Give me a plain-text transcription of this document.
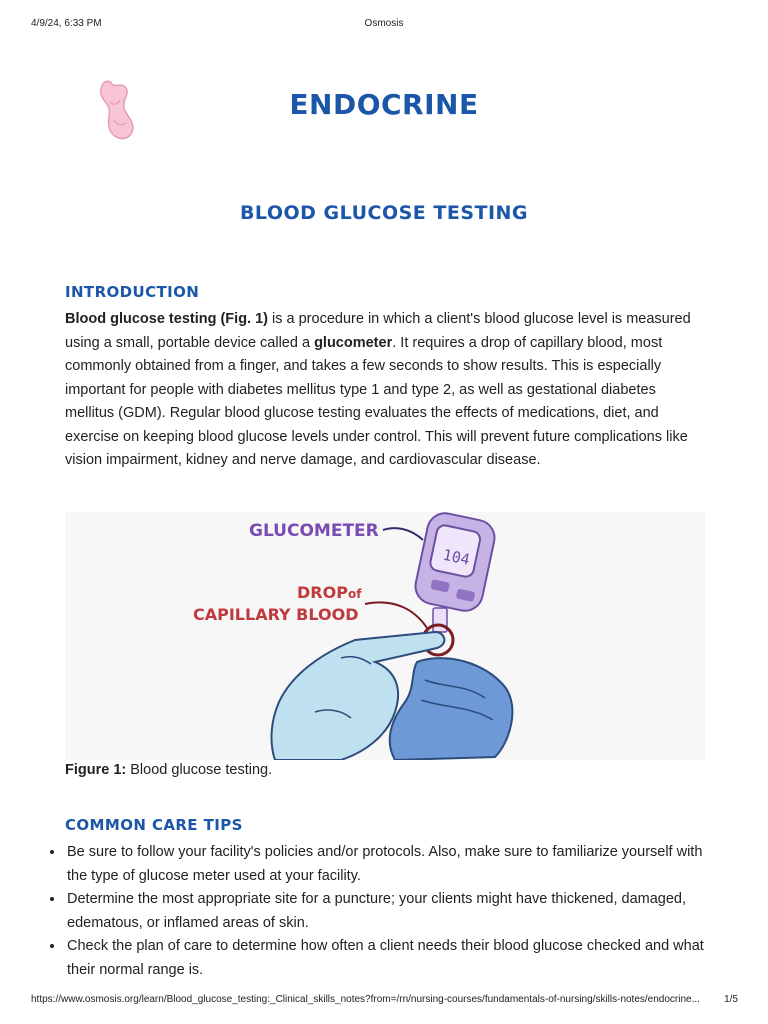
4/9/24, 6:33 PM	Osmosis
ENDOCRINE
BLOOD GLUCOSE TESTING
INTRODUCTION
Blood glucose testing (Fig. 1) is a procedure in which a client's blood glucose level is measured using a small, portable device called a glucometer. It requires a drop of capillary blood, most commonly obtained from a finger, and takes a few seconds to show results. This is especially important for people with diabetes mellitus type 1 and type 2, as well as gestational diabetes mellitus (GDM). Regular blood glucose testing evaluates the effects of medications, diet, and exercise on keeping blood glucose levels under control. This will prevent future complications like vision impairment, kidney and nerve damage, and cardiovascular disease.
GLUCOMETER
DROP of
CAPILLARY BLOOD
104
Figure 1: Blood glucose testing.
COMMON CARE TIPS
• Be sure to follow your facility's policies and/or protocols. Also, make sure to familiarize yourself with the type of glucose meter used at your facility.
• Determine the most appropriate site for a puncture; your clients might have thickened, damaged, edematous, or inflamed areas of skin.
• Check the plan of care to determine how often a client needs their blood glucose checked and what their normal range is.
https://www.osmosis.org/learn/Blood_glucose_testing:_Clinical_skills_notes?from=/rn/nursing-courses/fundamentals-of-nursing/skills-notes/endocrine...	1/5
